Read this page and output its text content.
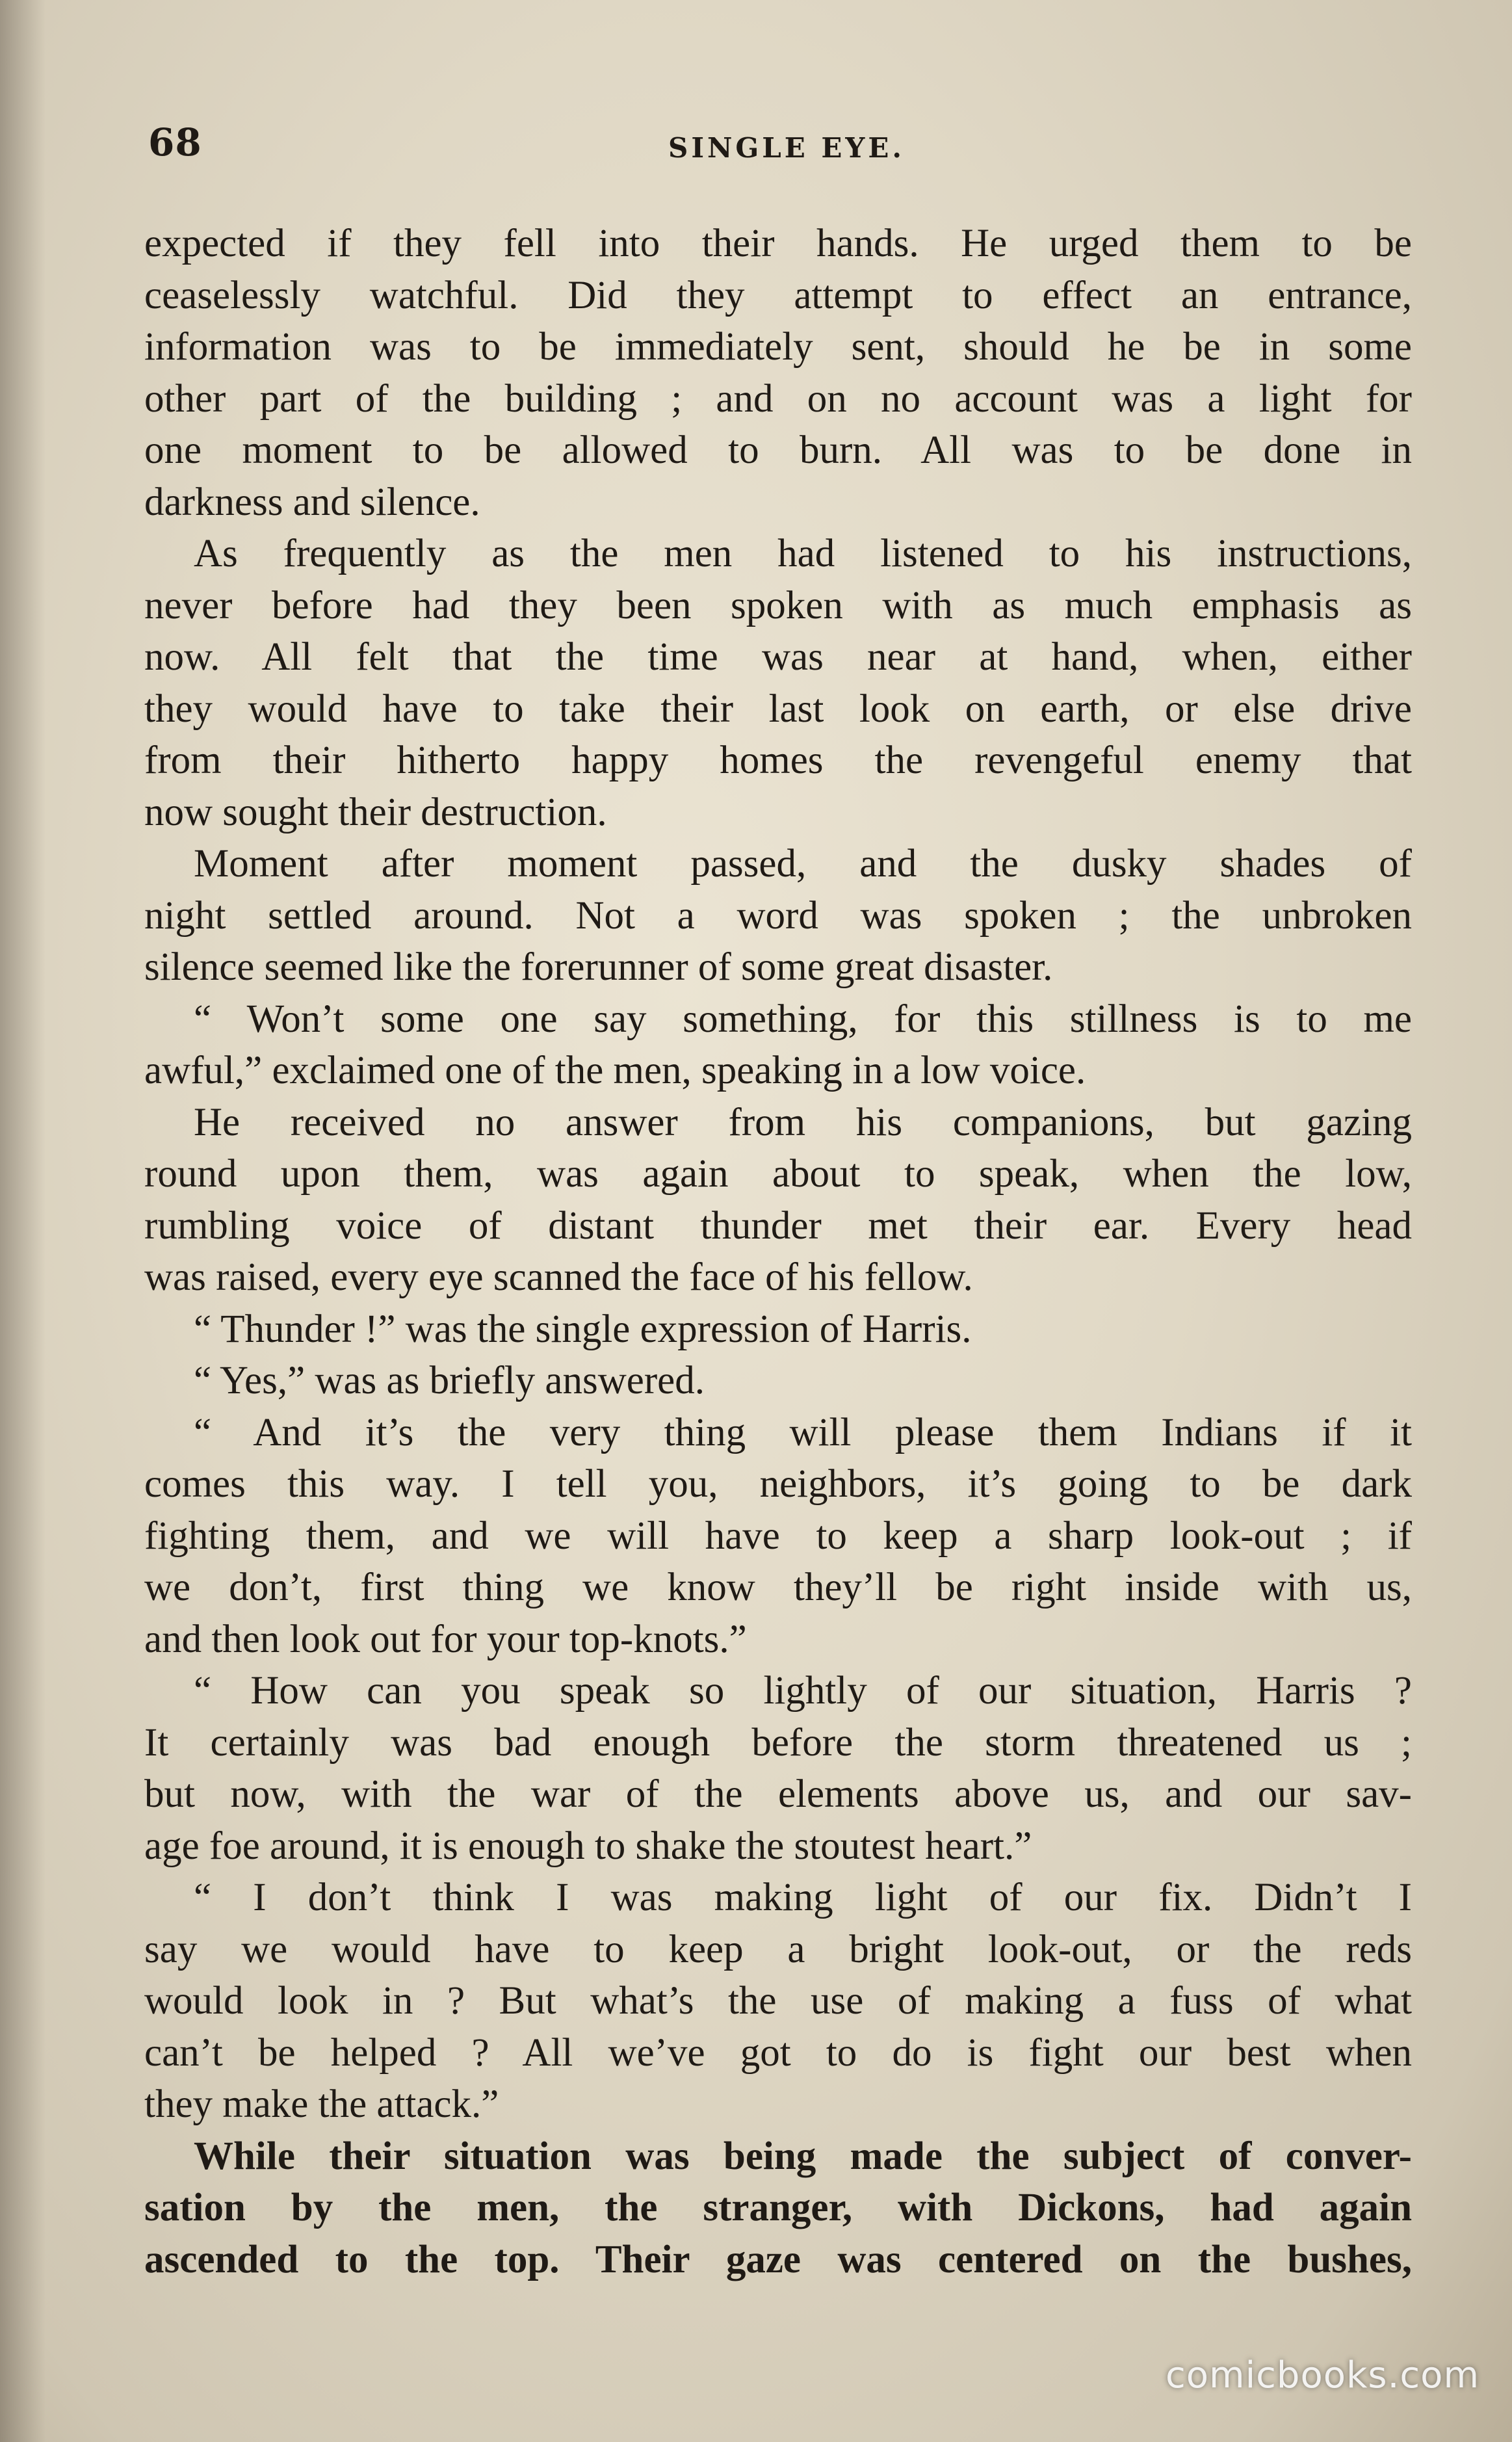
68	SINGLE EYE.
expected if they fell into their hands. He urged them to be
ceaselessly watchful. Did they attempt to effect an entrance,
information was to be immediately sent, should he be in some
other part of the building ; and on no account was a light for
one moment to be allowed to burn. All was to be done in
darkness and silence.
As frequently as the men had listened to his instructions,
never before had they been spoken with as much emphasis as
now. All felt that the time was near at hand, when, either
they would have to take their last look on earth, or else drive
from their hitherto happy homes the revengeful enemy that
now sought their destruction.
Moment after moment passed, and the dusky shades of
night settled around. Not a word was spoken ; the unbroken
silence seemed like the forerunner of some great disaster.
“ Won’t some one say something, for this stillness is to me
awful,” exclaimed one of the men, speaking in a low voice.
He received no answer from his companions, but gazing
round upon them, was again about to speak, when the low,
rumbling voice of distant thunder met their ear. Every head
was raised, every eye scanned the face of his fellow.
“ Thunder !” was the single expression of Harris.
“ Yes,” was as briefly answered.
“ And it’s the very thing will please them Indians if it
comes this way. I tell you, neighbors, it’s going to be dark
fighting them, and we will have to keep a sharp look-out ; if
we don’t, first thing we know they’ll be right inside with us,
and then look out for your top-knots.”
“ How can you speak so lightly of our situation, Harris ?
It certainly was bad enough before the storm threatened us ;
but now, with the war of the elements above us, and our sav-
age foe around, it is enough to shake the stoutest heart.”
“ I don’t think I was making light of our fix. Didn’t I
say we would have to keep a bright look-out, or the reds
would look in ? But what’s the use of making a fuss of what
can’t be helped ? All we’ve got to do is fight our best when
they make the attack.”
While their situation was being made the subject of conver-
sation by the men, the stranger, with Dickons, had again
ascended to the top. Their gaze was centered on the bushes,
comicbooks.com
